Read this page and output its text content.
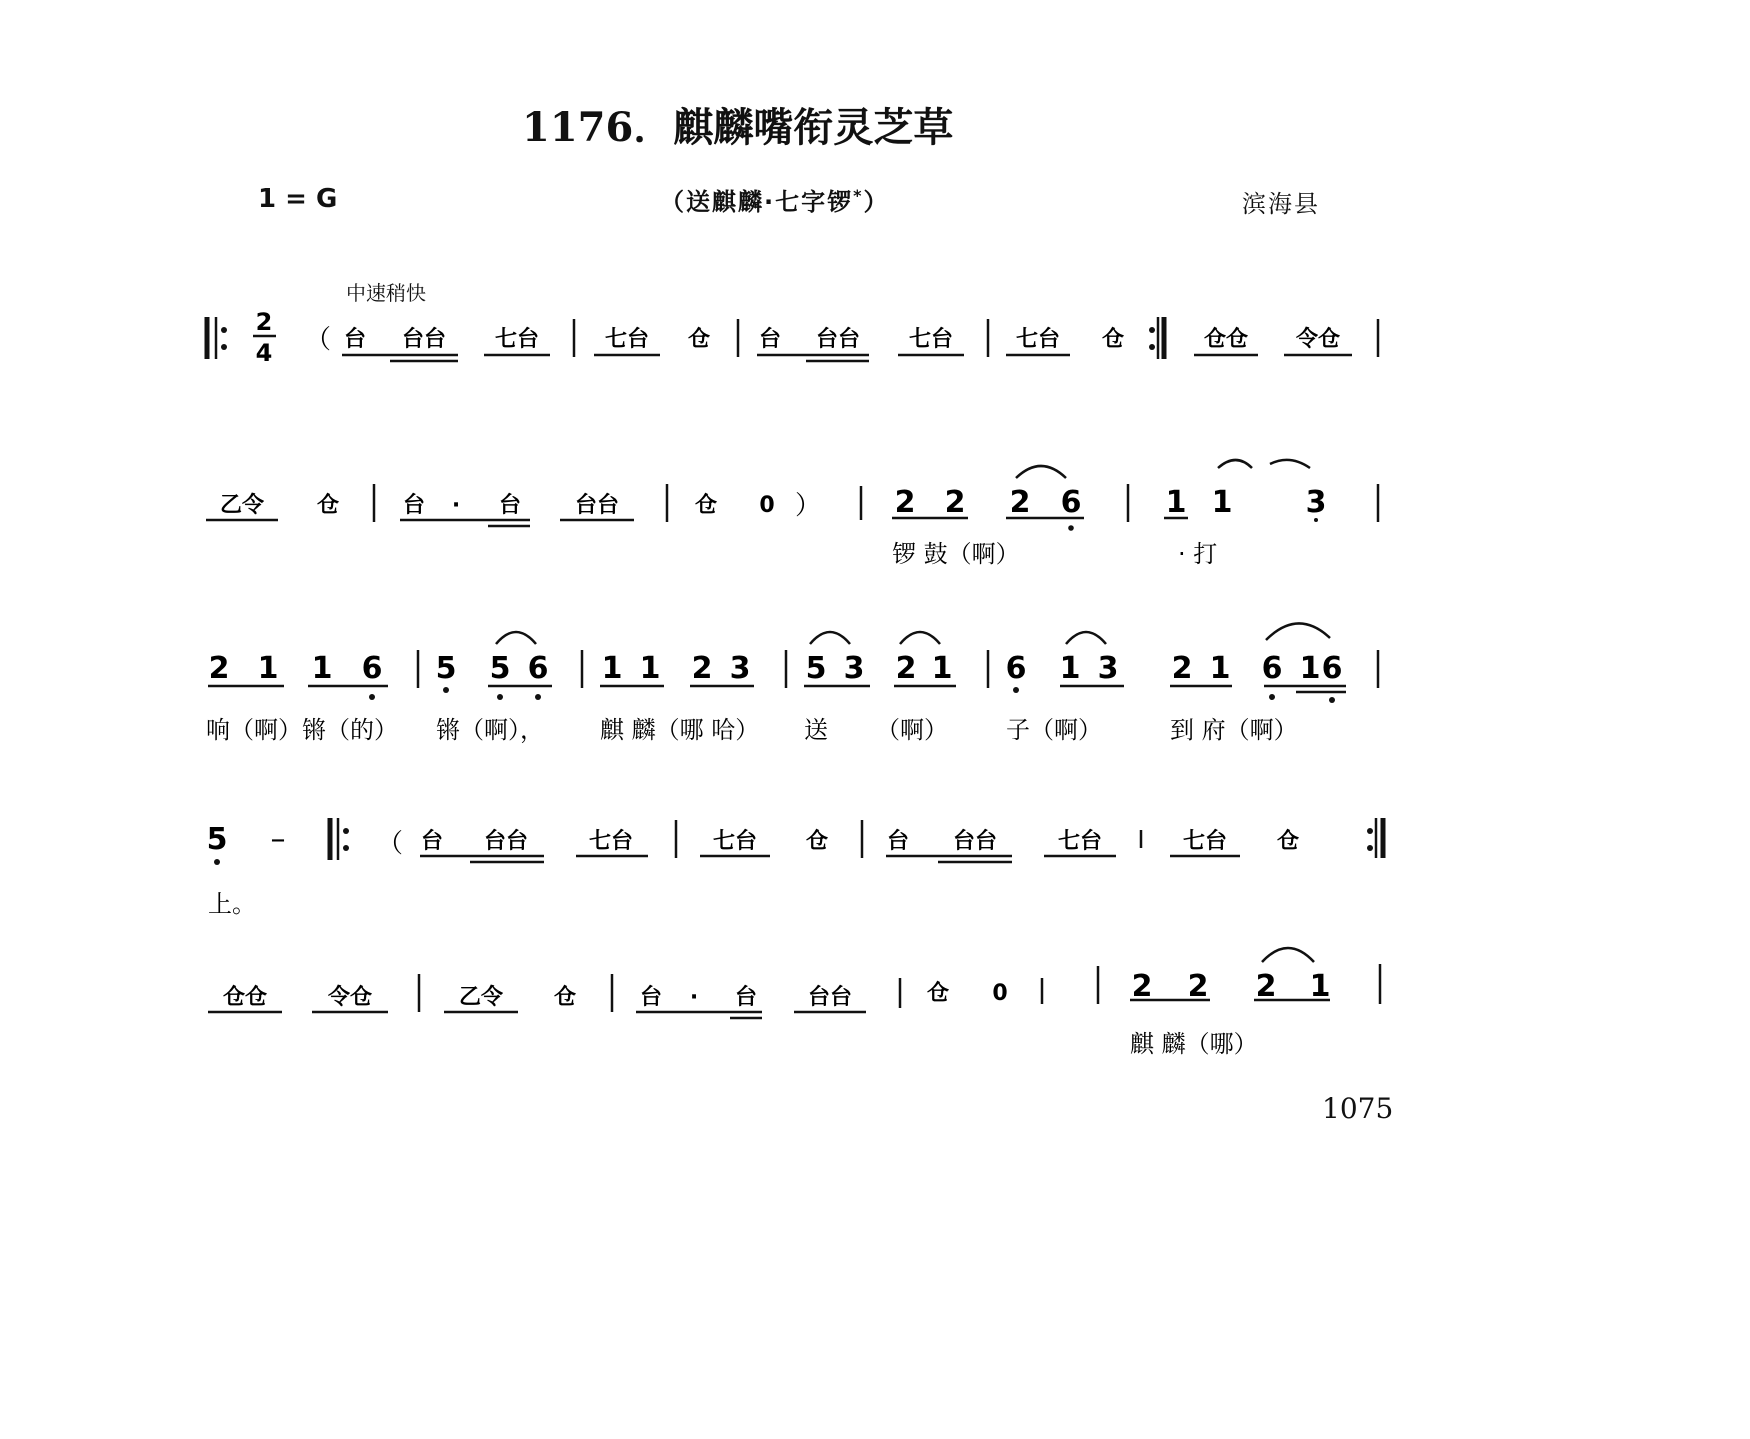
1176．麒麟嘴衔灵芝草
1 = G	（送麒麟·七字锣*）	滨海县
中速稍快
1075
2
4 （ 台 台台 七台	七台 仓 台 台台 七台	七台 仓	仓仓 令仓
乙令 仓	台 · 台 台台	仓 0 ） 2 2 2 6	1 1 3
锣 鼓（啊）	· 打
2 1 1 6 5 5 6 1 1 2 3 5 3 2 1 6 1 3 2 1 6 1 6
响（啊）锵（的） 锵（啊）， 麒 麟（哪 哈） 送 （啊） 子（啊）	到 府（啊）
5 –	（ 台 台台	七台	七台 仓	台 台台	七台	七台 仓
上。
仓仓	令仓	乙令 仓	台 · 台 台台	仓 0	2 2 2 1
麒 麟（哪）
